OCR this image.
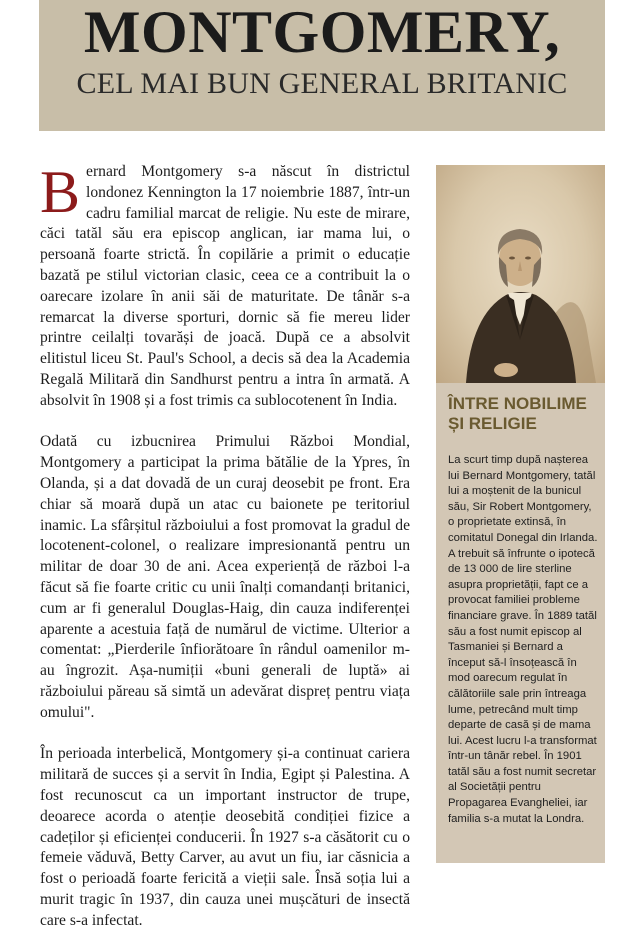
MONTGOMERY,
CEL MAI BUN GENERAL BRITANIC

Bernard Montgomery s-a născut în districtul londonez Kennington la 17 noiembrie 1887, într-un cadru familial marcat de religie. Nu este de mirare, căci tatăl său era episcop anglican, iar mama lui, o persoană foarte strictă. În copilărie a primit o educație bazată pe stilul victorian clasic, ceea ce a contribuit la o oarecare izolare în anii săi de maturitate. De tânăr s-a remarcat la diverse sporturi, dornic să fie mereu lider printre ceilalți tovarăși de joacă. După ce a absolvit elitistul liceu St. Paul's School, a decis să dea la Academia Regală Militară din Sandhurst pentru a intra în armată. A absolvit în 1908 și a fost trimis ca sublocotenent în India.

Odată cu izbucnirea Primului Război Mondial, Montgomery a participat la prima bătălie de la Ypres, în Olanda, și a dat dovadă de un curaj deosebit pe front. Era chiar să moară după un atac cu baionete pe teritoriul inamic. La sfârșitul războiului a fost promovat la gradul de locotenent-colonel, o realizare impresionantă pentru un militar de doar 30 de ani. Acea experiență de război l-a făcut să fie foarte critic cu unii înalți comandanți britanici, cum ar fi generalul Douglas-Haig, din cauza indiferenței aparente a acestuia față de numărul de victime. Ulterior a comentat: „Pierderile înfiorătoare în rândul oamenilor m-au îngrozit. Așa-numiții «buni generali de luptă» ai războiului păreau să simtă un adevărat dispreț pentru viața omului".

În perioada interbelică, Montgomery și-a continuat cariera militară de succes și a servit în India, Egipt și Palestina. A fost recunoscut ca un important instructor de trupe, deoarece acorda o atenție deosebită condiției fizice a cadeților și eficienței conducerii. În 1927 s-a căsătorit cu o femeie văduvă, Betty Carver, au avut un fiu, iar căsnicia a fost o perioadă foarte fericită a vieții sale. Însă soția lui a murit tragic în 1937, din cauza unei mușcături de insectă care s-a infectat.

ÎNTRE NOBILIME
ȘI RELIGIE
La scurt timp după nașterea lui Bernard Montgomery, tatăl lui a moștenit de la bunicul său, Sir Robert Montgomery, o proprietate extinsă, în comitatul Donegal din Irlanda. A trebuit să înfrunte o ipotecă de 13 000 de lire sterline asupra proprietății, fapt ce a provocat familiei probleme financiare grave. În 1889 tatăl său a fost numit episcop al Tasmaniei și Bernard a început să-l însoțească în mod oarecum regulat în călătoriile sale prin întreaga lume, petrecând mult timp departe de casă și de mama lui. Acest lucru l-a transformat într-un tânăr rebel. În 1901 tatăl său a fost numit secretar al Societății pentru Propagarea Evangheliei, iar familia s-a mutat la Londra.
